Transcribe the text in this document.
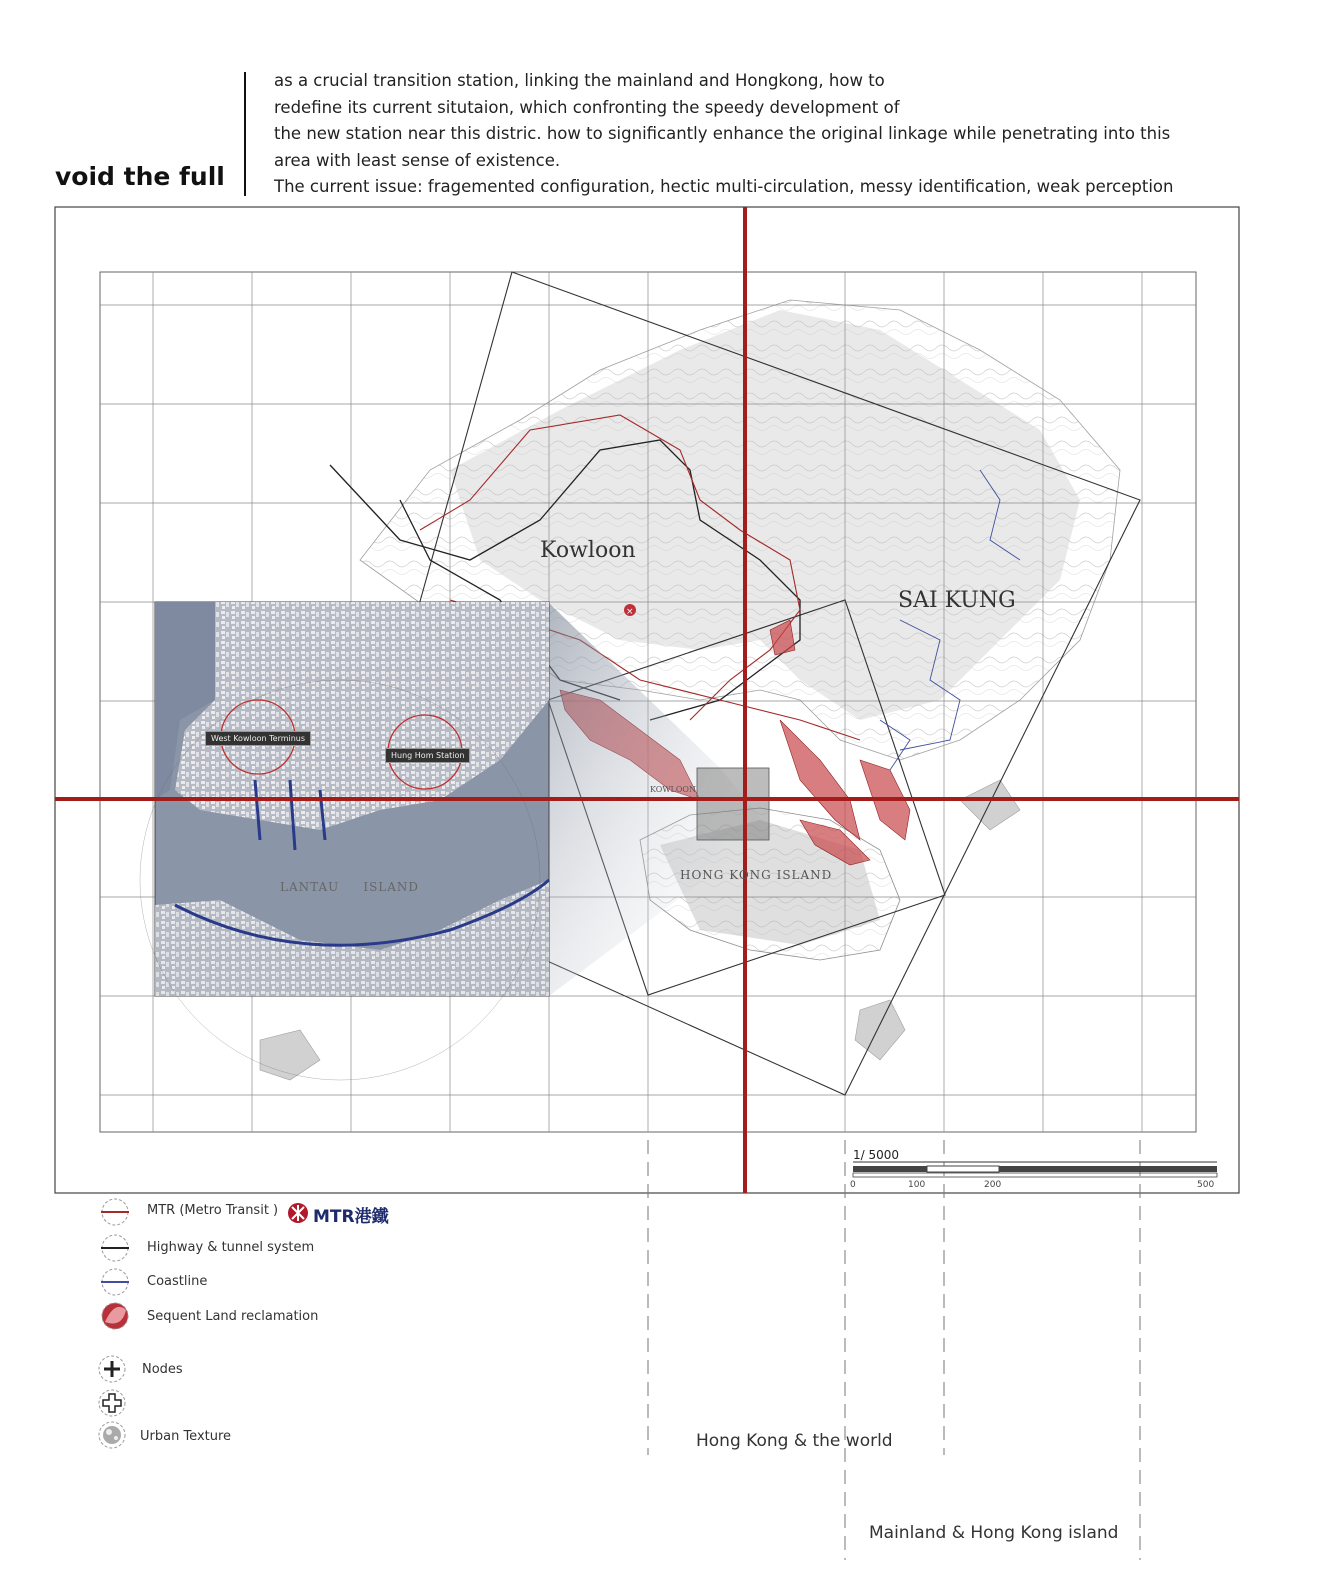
void the full
as a crucial transition station, linking the mainland and Hongkong, how to
redefine its current situtaion, which confronting the speedy development of
the new station near this distric. how to significantly enhance the original linkage while penetrating into this
area with least sense of existence.
The current issue: fragemented configuration, hectic multi-circulation, messy identification, weak perception
×
Kowloon
SAI KUNG
LANTAU     ISLAND
HONG KONG ISLAND
KOWLOON
West Kowloon Terminus
Hung Hom Station
1/ 5000
0	100	200	500
MTR (Metro Transit ) MTR港鐵
Highway & tunnel system
Coastline
Sequent Land reclamation
Nodes
Urban Texture	Hong Kong & the world
Mainland & Hong Kong island
